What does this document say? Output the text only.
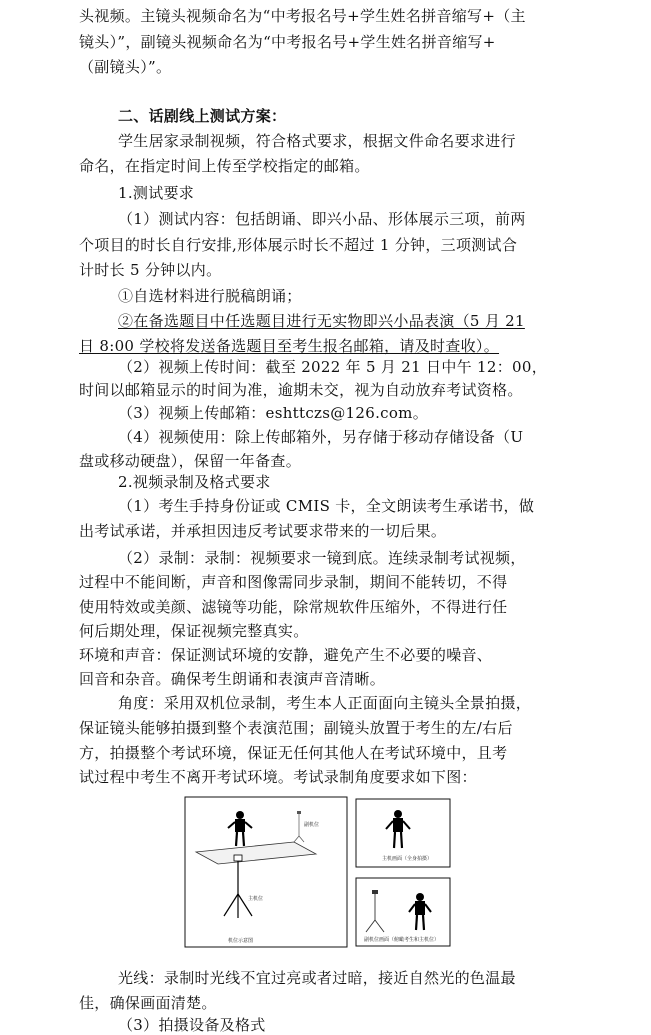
头视频。主镜头视频命名为“中考报名号+学生姓名拼音缩写+（主
镜头）”，副镜头视频命名为“中考报名号+学生姓名拼音缩写+
（副镜头）”。
二、话剧线上测试方案：
学生居家录制视频，符合格式要求，根据文件命名要求进行
命名，在指定时间上传至学校指定的邮箱。
1.测试要求
（1）测试内容：包括朗诵、即兴小品、形体展示三项，前两
个项目的时长自行安排,形体展示时长不超过 1 分钟，三项测试合
计时长 5 分钟以内。
①自选材料进行脱稿朗诵；
②在备选题目中任选题目进行无实物即兴小品表演（5 月 21
日 8:00 学校将发送备选题目至考生报名邮箱，请及时查收）。
（2）视频上传时间：截至 2022 年 5 月 21 日中午 12：00，
时间以邮箱显示的时间为准，逾期未交，视为自动放弃考试资格。
（3）视频上传邮箱：eshttczs@126.com。
（4）视频使用：除上传邮箱外，另存储于移动存储设备（U
盘或移动硬盘），保留一年备查。
2.视频录制及格式要求
（1）考生手持身份证或 CMIS 卡，全文朗读考生承诺书，做
出考试承诺，并承担因违反考试要求带来的一切后果。
（2）录制：录制：视频要求一镜到底。连续录制考试视频，
过程中不能间断，声音和图像需同步录制，期间不能转切，不得
使用特效或美颜、滤镜等功能，除常规软件压缩外，不得进行任
何后期处理，保证视频完整真实。
环境和声音：保证测试环境的安静，避免产生不必要的噪音、
回音和杂音。确保考生朗诵和表演声音清晰。
角度：采用双机位录制，考生本人正面面向主镜头全景拍摄，
保证镜头能够拍摄到整个表演范围；副镜头放置于考生的左/右后
方，拍摄整个考试环境，保证无任何其他人在考试环境中，且考
试过程中考生不离开考试环境。考试录制角度要求如下图：
副机位
主机位
机位示意图
主机画面（全身拍摄）
副机位画面（俯瞰考生和主机位）
光线：录制时光线不宜过亮或者过暗，接近自然光的色温最
佳，确保画面清楚。
（3）拍摄设备及格式
